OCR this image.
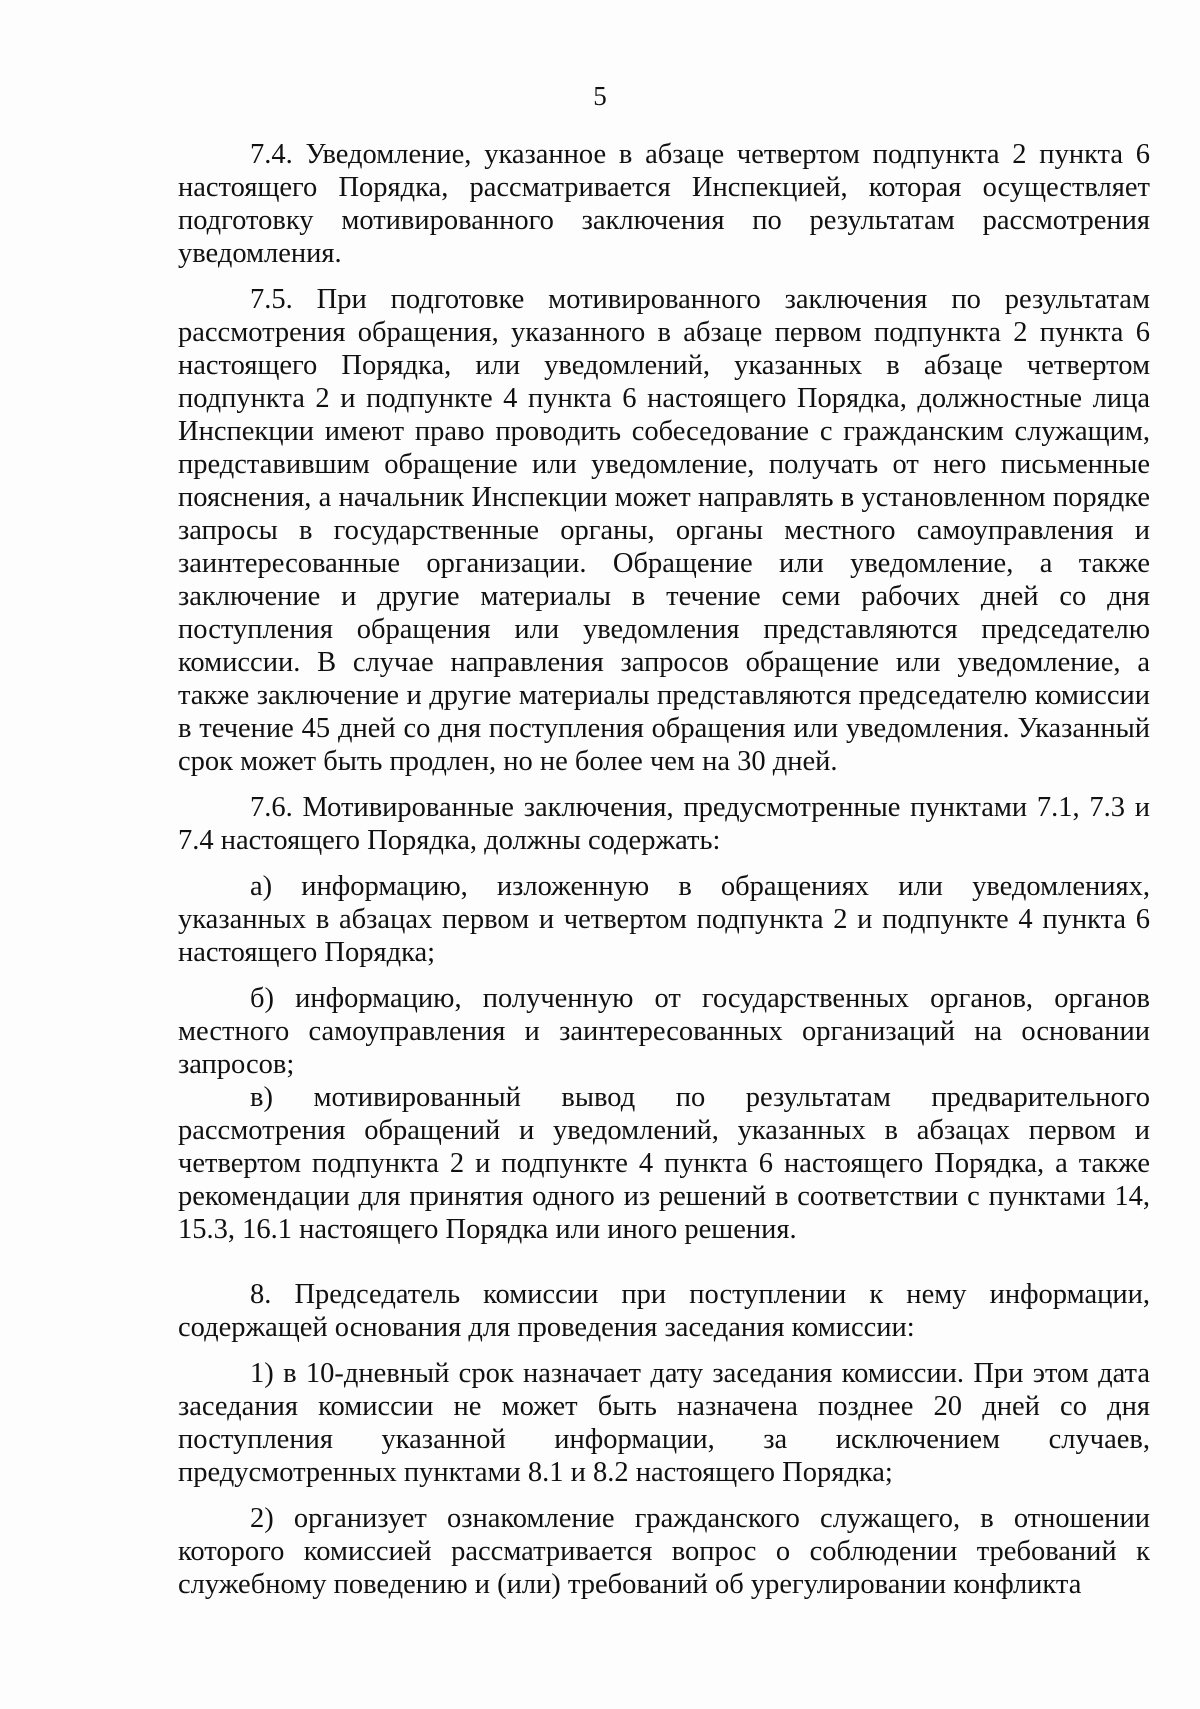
5

7.4. Уведомление, указанное в абзаце четвертом подпункта 2 пункта 6 настоящего Порядка, рассматривается Инспекцией, которая осуществляет подготовку мотивированного заключения по результатам рассмотрения уведомления.

7.5. При подготовке мотивированного заключения по результатам рассмотрения обращения, указанного в абзаце первом подпункта 2 пункта 6 настоящего Порядка, или уведомлений, указанных в абзаце четвертом подпункта 2 и подпункте 4 пункта 6 настоящего Порядка, должностные лица Инспекции имеют право проводить собеседование с гражданским служащим, представившим обращение или уведомление, получать от него письменные пояснения, а начальник Инспекции может направлять в установленном порядке запросы в государственные органы, органы местного самоуправления и заинтересованные организации. Обращение или уведомление, а также заключение и другие материалы в течение семи рабочих дней со дня поступления обращения или уведомления представляются председателю комиссии. В случае направления запросов обращение или уведомление, а также заключение и другие материалы представляются председателю комиссии в течение 45 дней со дня поступления обращения или уведомления. Указанный срок может быть продлен, но не более чем на 30 дней.

7.6. Мотивированные заключения, предусмотренные пунктами 7.1, 7.3 и 7.4 настоящего Порядка, должны содержать:

а) информацию, изложенную в обращениях или уведомлениях, указанных в абзацах первом и четвертом подпункта 2 и подпункте 4 пункта 6 настоящего Порядка;

б) информацию, полученную от государственных органов, органов местного самоуправления и заинтересованных организаций на основании запросов;

в) мотивированный вывод по результатам предварительного рассмотрения обращений и уведомлений, указанных в абзацах первом и четвертом подпункта 2 и подпункте 4 пункта 6 настоящего Порядка, а также рекомендации для принятия одного из решений в соответствии с пунктами 14, 15.3, 16.1 настоящего Порядка или иного решения.

8. Председатель комиссии при поступлении к нему информации, содержащей основания для проведения заседания комиссии:

1) в 10-дневный срок назначает дату заседания комиссии. При этом дата заседания комиссии не может быть назначена позднее 20 дней со дня поступления указанной информации, за исключением случаев, предусмотренных пунктами 8.1 и 8.2 настоящего Порядка;

2) организует ознакомление гражданского служащего, в отношении которого комиссией рассматривается вопрос о соблюдении требований к служебному поведению и (или) требований об урегулировании конфликта
